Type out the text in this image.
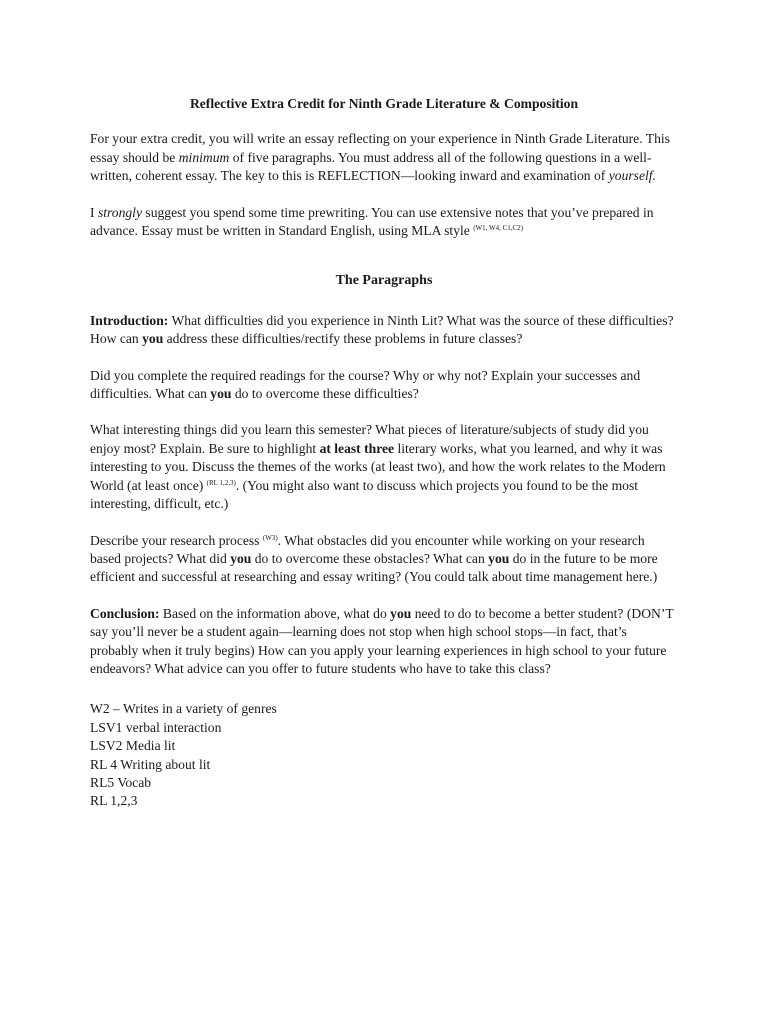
Reflective Extra Credit for Ninth Grade Literature & Composition

For your extra credit, you will write an essay reflecting on your experience in Ninth Grade Literature. This essay should be minimum of five paragraphs. You must address all of the following questions in a well-written, coherent essay. The key to this is REFLECTION—looking inward and examination of yourself.

I strongly suggest you spend some time prewriting. You can use extensive notes that you’ve prepared in advance. Essay must be written in Standard English, using MLA style $^{(W1, W4, C1,C2)}$

The Paragraphs

Introduction: What difficulties did you experience in Ninth Lit? What was the source of these difficulties? How can you address these difficulties/rectify these problems in future classes?

Did you complete the required readings for the course? Why or why not? Explain your successes and difficulties. What can you do to overcome these difficulties?

What interesting things did you learn this semester? What pieces of literature/subjects of study did you enjoy most? Explain. Be sure to highlight at least three literary works, what you learned, and why it was interesting to you. Discuss the themes of the works (at least two), and how the work relates to the Modern World (at least once) $^{(RL 1,2,3)}$. (You might also want to discuss which projects you found to be the most interesting, difficult, etc.)

Describe your research process $^{(W3)}$. What obstacles did you encounter while working on your research based projects? What did you do to overcome these obstacles? What can you do in the future to be more efficient and successful at researching and essay writing? (You could talk about time management here.)

Conclusion: Based on the information above, what do you need to do to become a better student? (DON’T say you’ll never be a student again—learning does not stop when high school stops—in fact, that’s probably when it truly begins) How can you apply your learning experiences in high school to your future endeavors? What advice can you offer to future students who have to take this class?

W2 – Writes in a variety of genres
LSV1 verbal interaction
LSV2 Media lit
RL 4 Writing about lit
RL5 Vocab
RL 1,2,3
